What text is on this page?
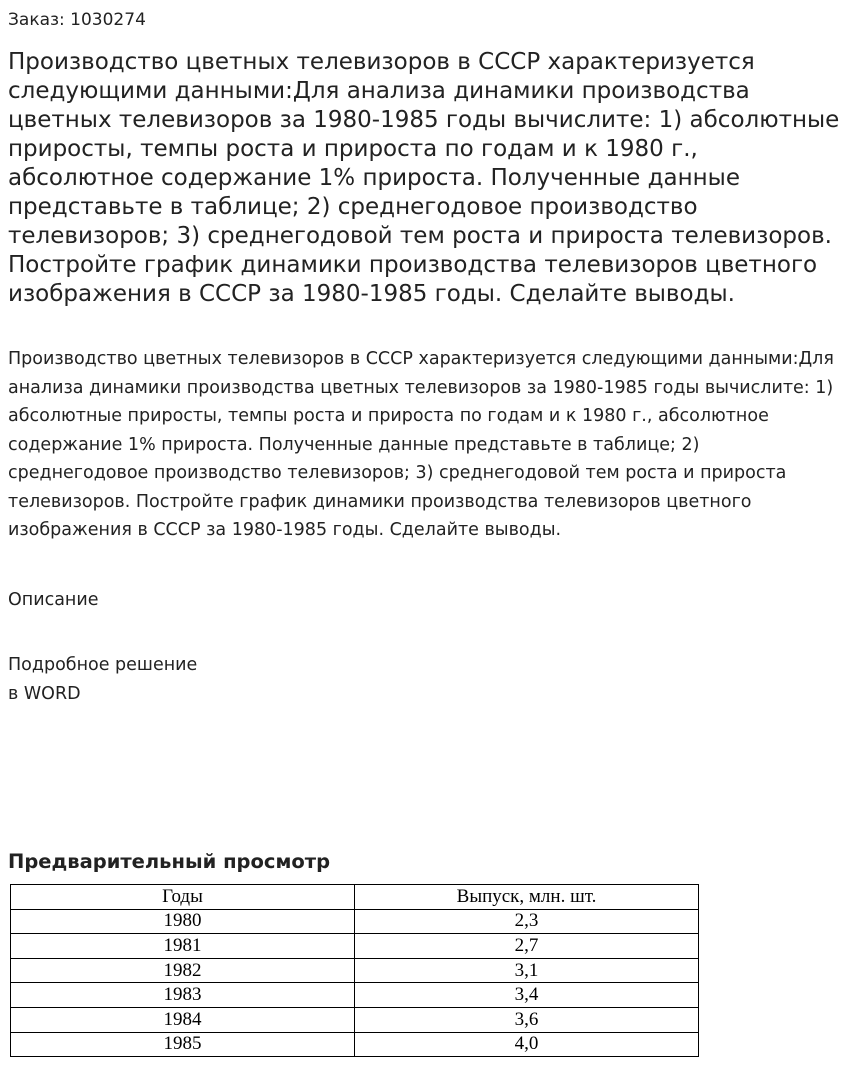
Заказ: 1030274

Производство цветных телевизоров в СССР характеризуется следующими данными:Для анализа динамики производства цветных телевизоров за 1980-1985 годы вычислите: 1) абсолютные приросты, темпы роста и прироста по годам и к 1980 г., абсолютное содержание 1% прироста. Полученные данные представьте в таблице; 2) среднегодовое производство телевизоров; 3) среднегодовой тем роста и прироста телевизоров. Постройте график динамики производства телевизоров цветного изображения в СССР за 1980-1985 годы. Сделайте выводы.

Производство цветных телевизоров в СССР характеризуется следующими данными:Для анализа динамики производства цветных телевизоров за 1980-1985 годы вычислите: 1) абсолютные приросты, темпы роста и прироста по годам и к 1980 г., абсолютное содержание 1% прироста. Полученные данные представьте в таблице; 2) среднегодовое производство телевизоров; 3) среднегодовой тем роста и прироста телевизоров. Постройте график динамики производства телевизоров цветного изображения в СССР за 1980-1985 годы. Сделайте выводы.

Описание

Подробное решение
в WORD

Предварительный просмотр
Годы	Выпуск, млн. шт.
1980	2,3
1981	2,7
1982	3,1
1983	3,4
1984	3,6
1985	4,0
